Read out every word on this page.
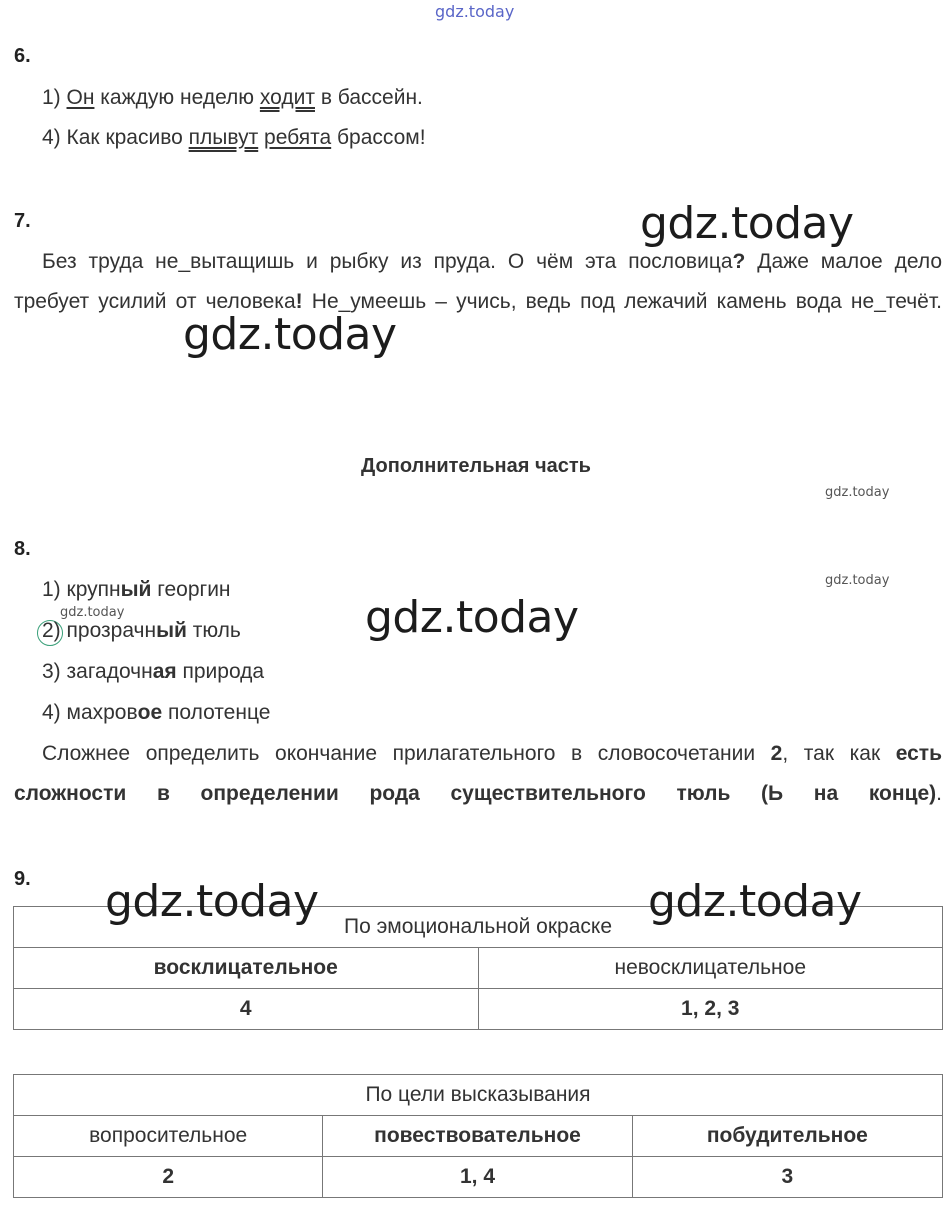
gdz.today
6.
1) Он каждую неделю ходит в бассейн.
4) Как красиво плывут ребята брассом!
7.	gdz.today
Без труда не_вытащишь и рыбку из пруда. О чём эта пословица? Даже малое дело требует усилий от человека! Не_умеешь – учись, ведь под лежачий камень вода не_течёт.
gdz.today
Дополнительная часть
gdz.today
8.
gdz.today
1) крупный георгин
gdz.today
2) прозрачный тюль	gdz.today
3) загадочная природа
4) махровое полотенце
Сложнее определить окончание прилагательного в словосочетании 2, так как есть сложности в определении рода существительного тюль (Ь на конце).
9.
По эмоциональной окраске	
восклицательное	невосклицательное
4	1, 2, 3
gdz.today	gdz.today
По цели высказывания		
вопросительное	повествовательное	побудительное
2	1, 4	3
